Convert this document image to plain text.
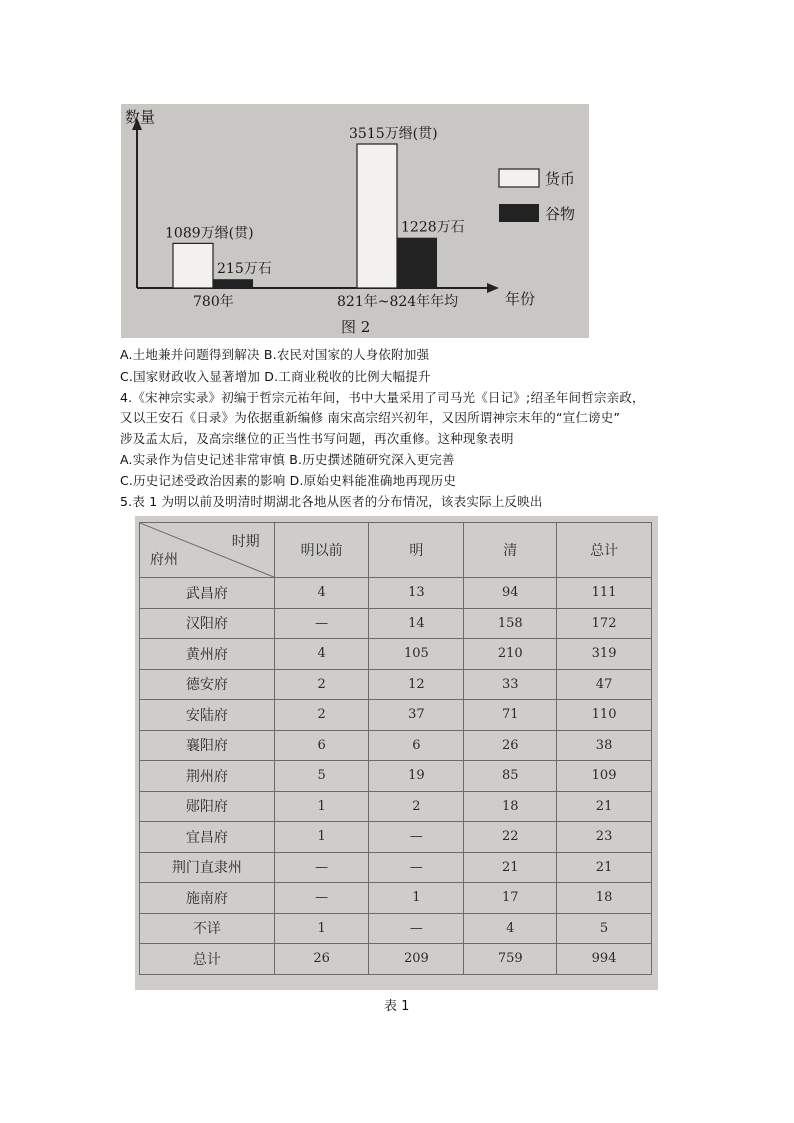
数量
年份
1089万缗(贯)
215万石
780年
3515万缗(贯)
1228万石
821年~824年年均
货币
谷物
图 2
A.土地兼并问题得到解决 B.农民对国家的人身依附加强
C.国家财政收入显著增加 D.工商业税收的比例大幅提升
4.《宋神宗实录》初编于哲宗元祐年间，书中大量采用了司马光《日记》;绍圣年间哲宗亲政，
又以王安石《日录》为依据重新编修 南宋高宗绍兴初年，又因所谓神宗末年的“宣仁谤史”
涉及孟太后，及高宗继位的正当性书写问题，再次重修。这种现象表明
A.实录作为信史记述非常审慎 B.历史撰述随研究深入更完善
C.历史记述受政治因素的影响 D.原始史料能准确地再现历史
5.表 1 为明以前及明清时期湖北各地从医者的分布情况，该表实际上反映出
时期
府州	明以前	明	清	总计
武昌府	4	13	94	111
汉阳府	—	14	158	172
黄州府	4	105	210	319
德安府	2	12	33	47
安陆府	2	37	71	110
襄阳府	6	6	26	38
荆州府	5	19	85	109
郧阳府	1	2	18	21
宜昌府	1	—	22	23
荆门直隶州	—	—	21	21
施南府	—	1	17	18
不详	1	—	4	5
总计	26	209	759	994
表 1
